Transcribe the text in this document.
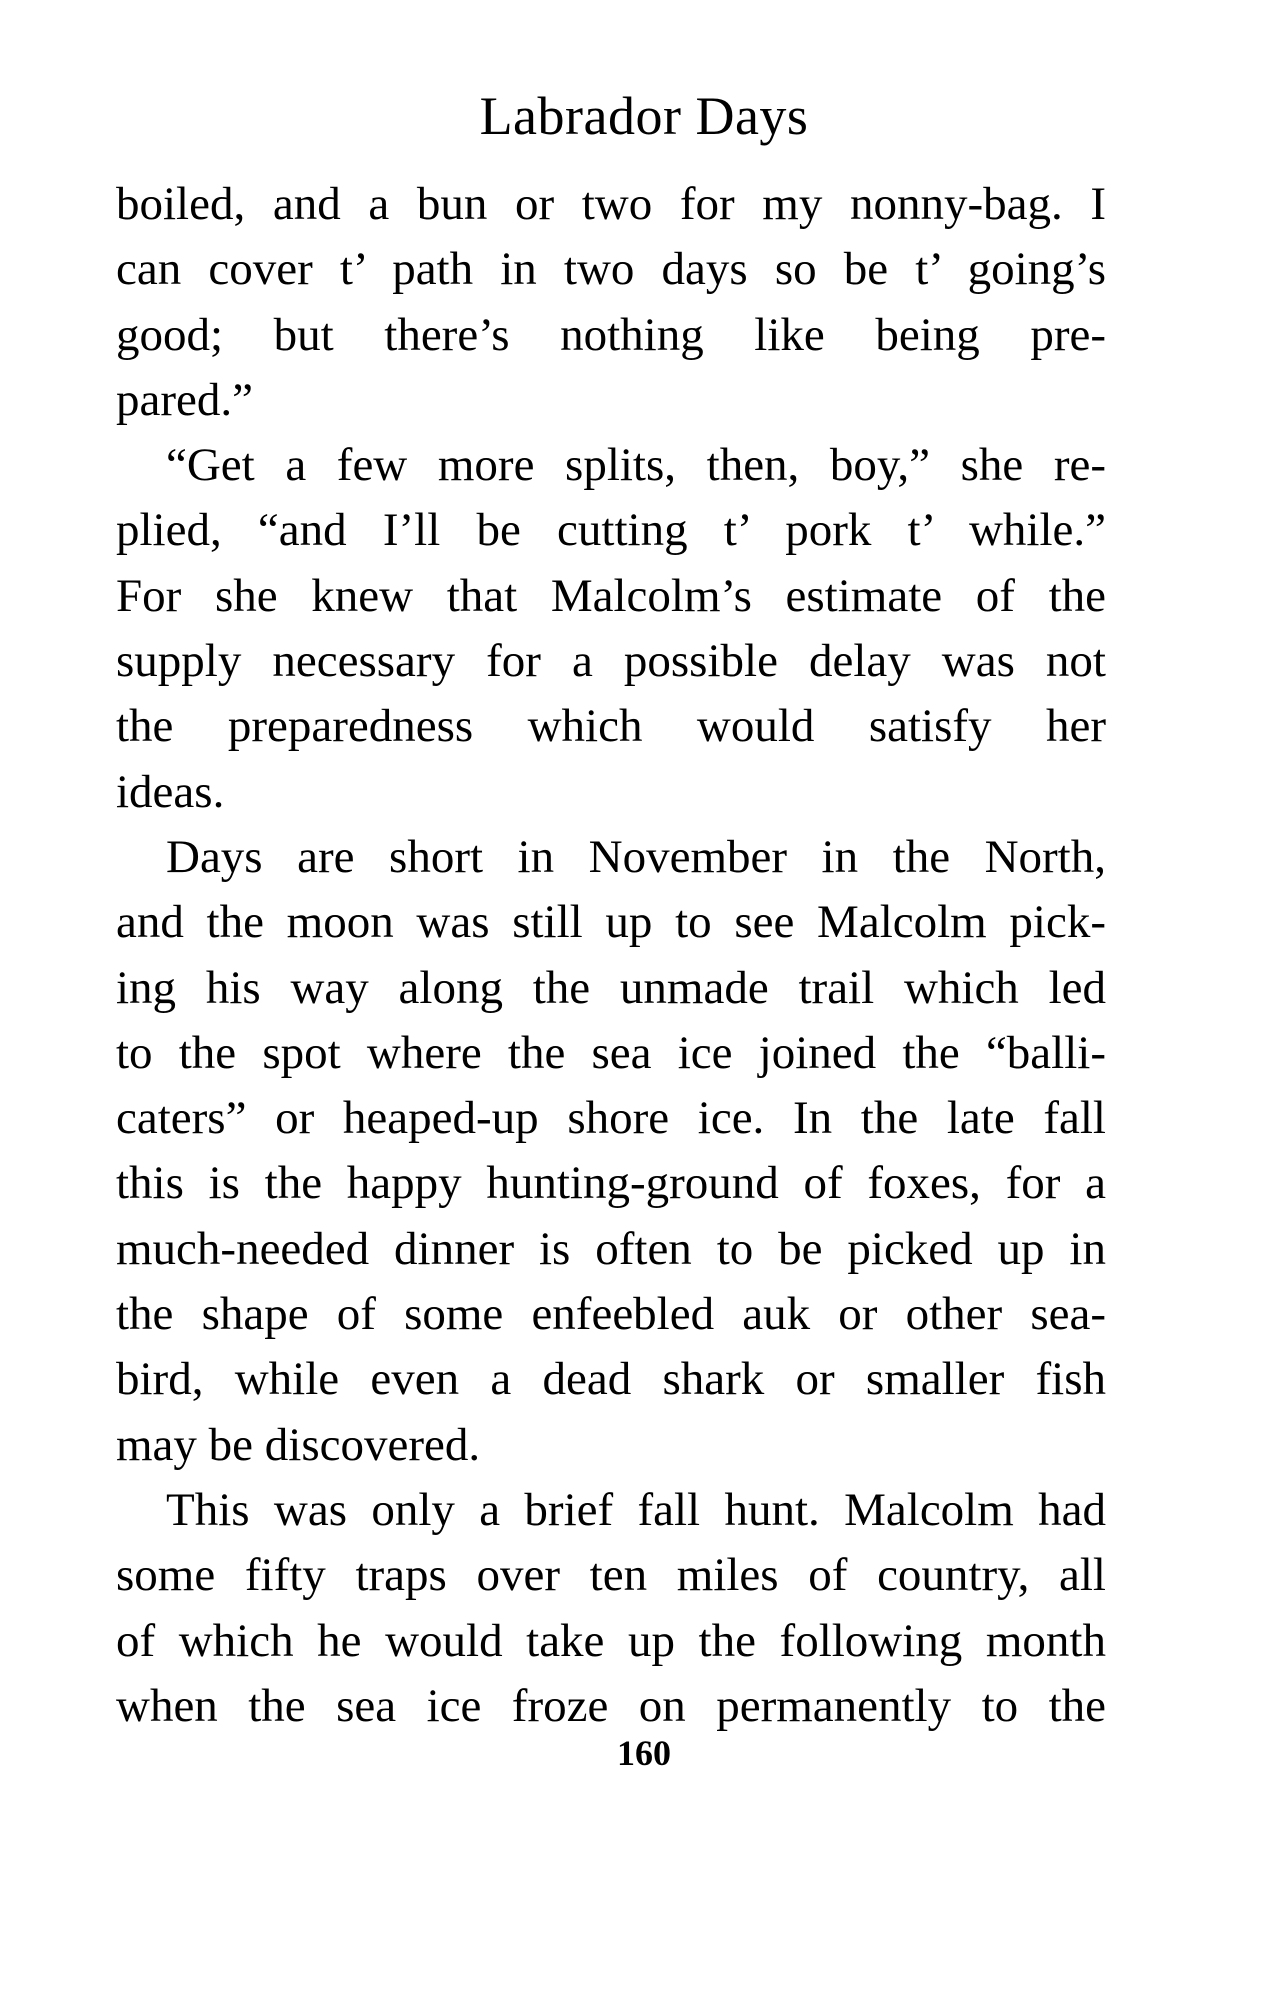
Labrador Days
boiled, and a bun or two for my nonny-bag. I
can cover t’ path in two days so be t’ going’s
good; but there’s nothing like being pre-
pared.”
“Get a few more splits, then, boy,” she re-
plied, “and I’ll be cutting t’ pork t’ while.”
For she knew that Malcolm’s estimate of the
supply necessary for a possible delay was not
the preparedness which would satisfy her
ideas.
Days are short in November in the North,
and the moon was still up to see Malcolm pick-
ing his way along the unmade trail which led
to the spot where the sea ice joined the “balli-
caters” or heaped-up shore ice. In the late fall
this is the happy hunting-ground of foxes, for a
much-needed dinner is often to be picked up in
the shape of some enfeebled auk or other sea-
bird, while even a dead shark or smaller fish
may be discovered.
This was only a brief fall hunt. Malcolm had
some fifty traps over ten miles of country, all
of which he would take up the following month
when the sea ice froze on permanently to the
160
